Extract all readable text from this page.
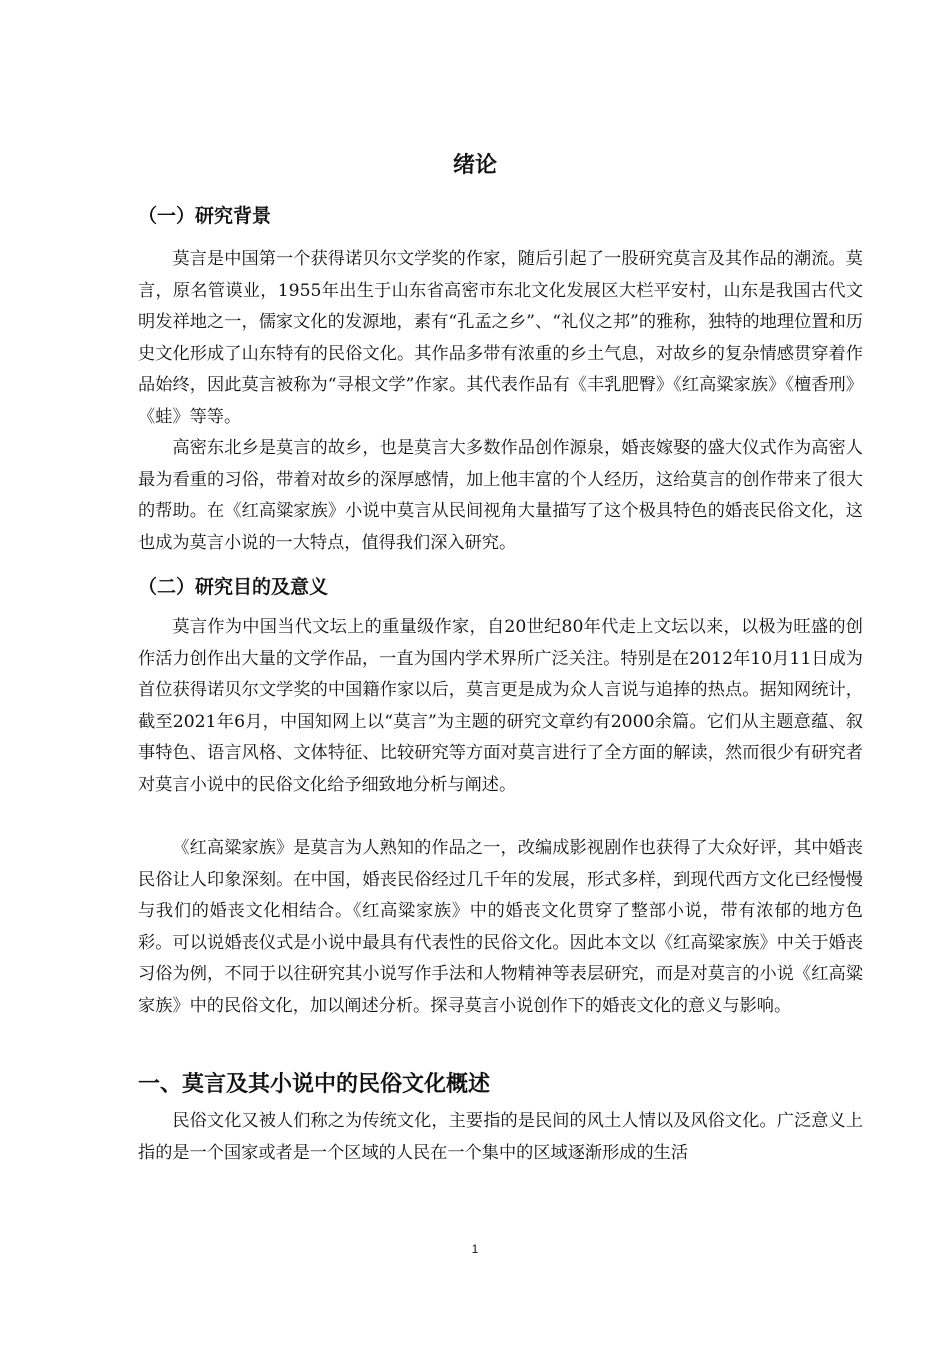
绪论
（一）研究背景

莫言是中国第一个获得诺贝尔文学奖的作家，随后引起了一股研究莫言及其作品的潮流。莫言，原名管谟业，1955年出生于山东省高密市东北文化发展区大栏平安村，山东是我国古代文明发祥地之一，儒家文化的发源地，素有“孔孟之乡”、“礼仪之邦”的雅称，独特的地理位置和历史文化形成了山东特有的民俗文化。其作品多带有浓重的乡土气息，对故乡的复杂情感贯穿着作品始终，因此莫言被称为“寻根文学”作家。其代表作品有《丰乳肥臀》《红高粱家族》《檀香刑》《蛙》等等。

高密东北乡是莫言的故乡，也是莫言大多数作品创作源泉，婚丧嫁娶的盛大仪式作为高密人最为看重的习俗，带着对故乡的深厚感情，加上他丰富的个人经历，这给莫言的创作带来了很大的帮助。在《红高粱家族》小说中莫言从民间视角大量描写了这个极具特色的婚丧民俗文化，这也成为莫言小说的一大特点，值得我们深入研究。

（二）研究目的及意义

莫言作为中国当代文坛上的重量级作家，自20世纪80年代走上文坛以来，以极为旺盛的创作活力创作出大量的文学作品，一直为国内学术界所广泛关注。特别是在2012年10月11日成为首位获得诺贝尔文学奖的中国籍作家以后，莫言更是成为众人言说与追捧的热点。据知网统计，截至2021年6月，中国知网上以“莫言”为主题的研究文章约有2000余篇。它们从主题意蕴、叙事特色、语言风格、文体特征、比较研究等方面对莫言进行了全方面的解读，然而很少有研究者对莫言小说中的民俗文化给予细致地分析与阐述。

《红高粱家族》是莫言为人熟知的作品之一，改编成影视剧作也获得了大众好评，其中婚丧民俗让人印象深刻。在中国，婚丧民俗经过几千年的发展，形式多样，到现代西方文化已经慢慢与我们的婚丧文化相结合。《红高粱家族》中的婚丧文化贯穿了整部小说，带有浓郁的地方色彩。可以说婚丧仪式是小说中最具有代表性的民俗文化。因此本文以《红高粱家族》中关于婚丧习俗为例，不同于以往研究其小说写作手法和人物精神等表层研究，而是对莫言的小说《红高粱家族》中的民俗文化，加以阐述分析。探寻莫言小说创作下的婚丧文化的意义与影响。

一、莫言及其小说中的民俗文化概述

民俗文化又被人们称之为传统文化，主要指的是民间的风土人情以及风俗文化。广泛意义上指的是一个国家或者是一个区域的人民在一个集中的区域逐渐形成的生活

1
